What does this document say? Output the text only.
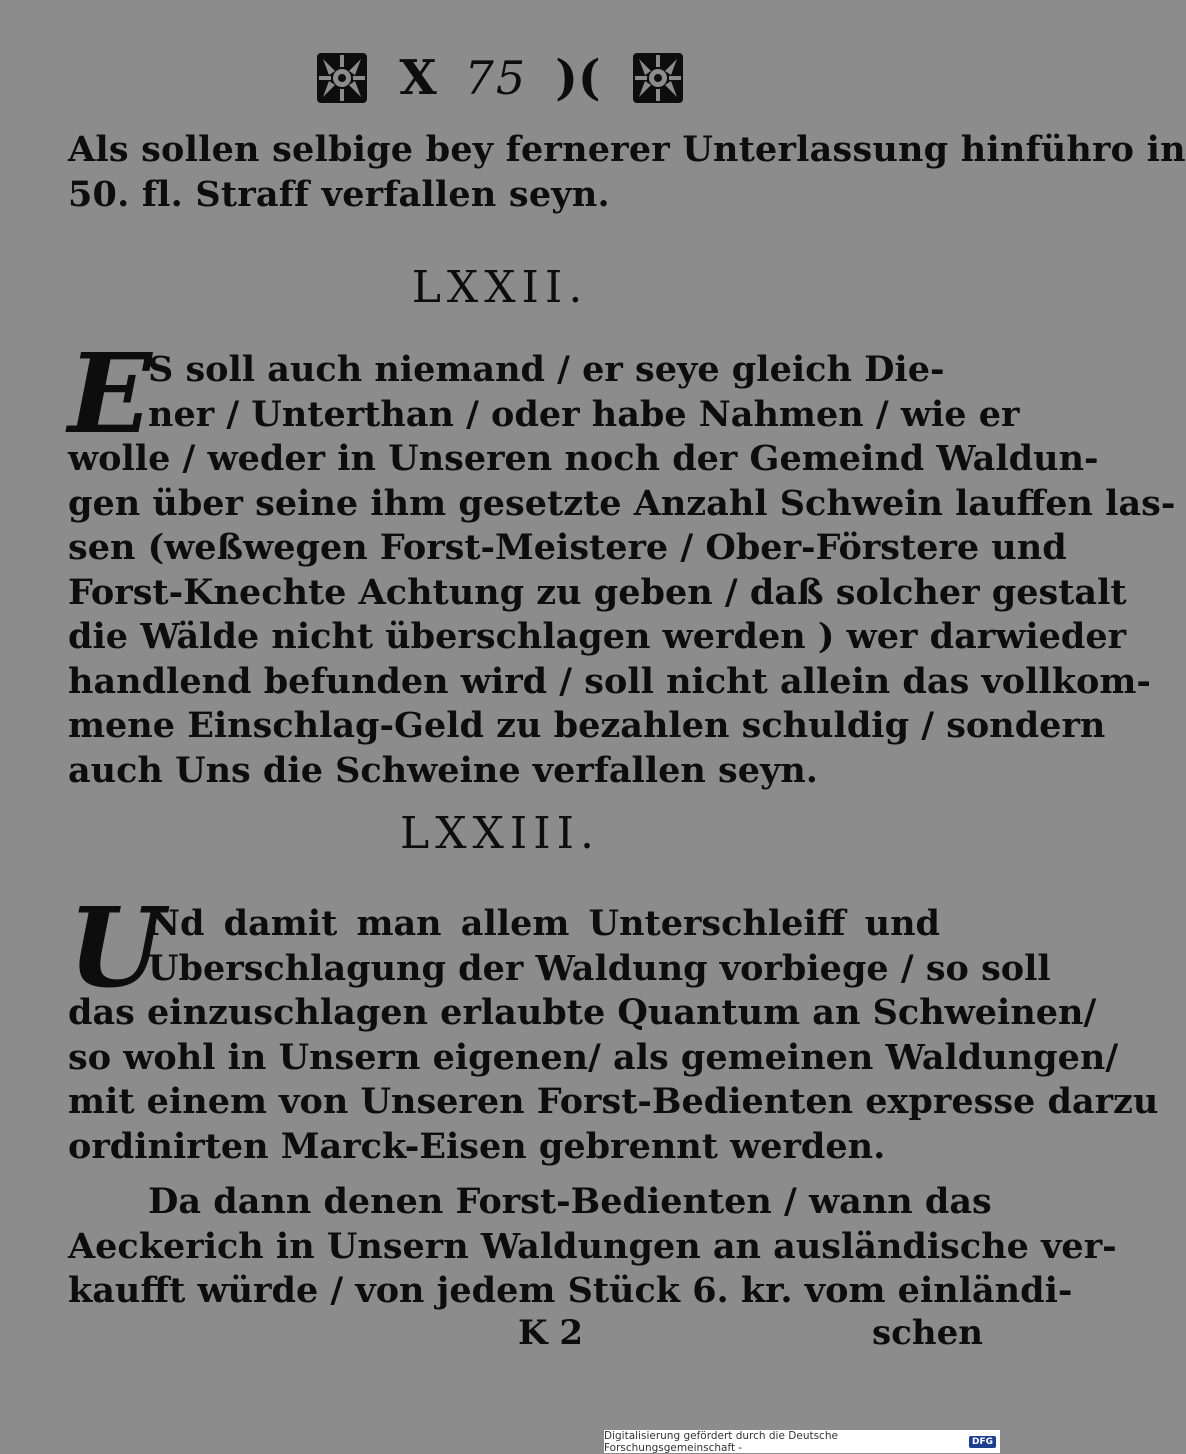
X 75 )(
Als sollen selbige bey fernerer Unterlassung hinführo in
50. fl. Straff verfallen seyn.
LXXII.
E
S soll auch niemand / er seye gleich Die-
ner / Unterthan / oder habe Nahmen / wie er
wolle / weder in Unseren noch der Gemeind Waldun-
gen über seine ihm gesetzte Anzahl Schwein lauffen las-
sen (weßwegen Forst-Meistere / Ober-Förstere und
Forst-Knechte Achtung zu geben / daß solcher gestalt
die Wälde nicht überschlagen werden ) wer darwieder
handlend befunden wird / soll nicht allein das vollkom-
mene Einschlag-Geld zu bezahlen schuldig / sondern
auch Uns die Schweine verfallen seyn.
LXXIII.
U
Nd damit man allem Unterschleiff und
Uberschlagung der Waldung vorbiege / so soll
das einzuschlagen erlaubte Quantum an Schweinen/
so wohl in Unsern eigenen/ als gemeinen Waldungen/
mit einem von Unseren Forst-Bedienten expresse darzu
ordinirten Marck-Eisen gebrennt werden.
Da dann denen Forst-Bedienten / wann das
Aeckerich in Unsern Waldungen an ausländische ver-
kaufft würde / von jedem Stück 6. kr. vom einländi-
K 2	schen
Digitalisierung gefördert durch die Deutsche Forschungsgemeinschaft -	DFG
